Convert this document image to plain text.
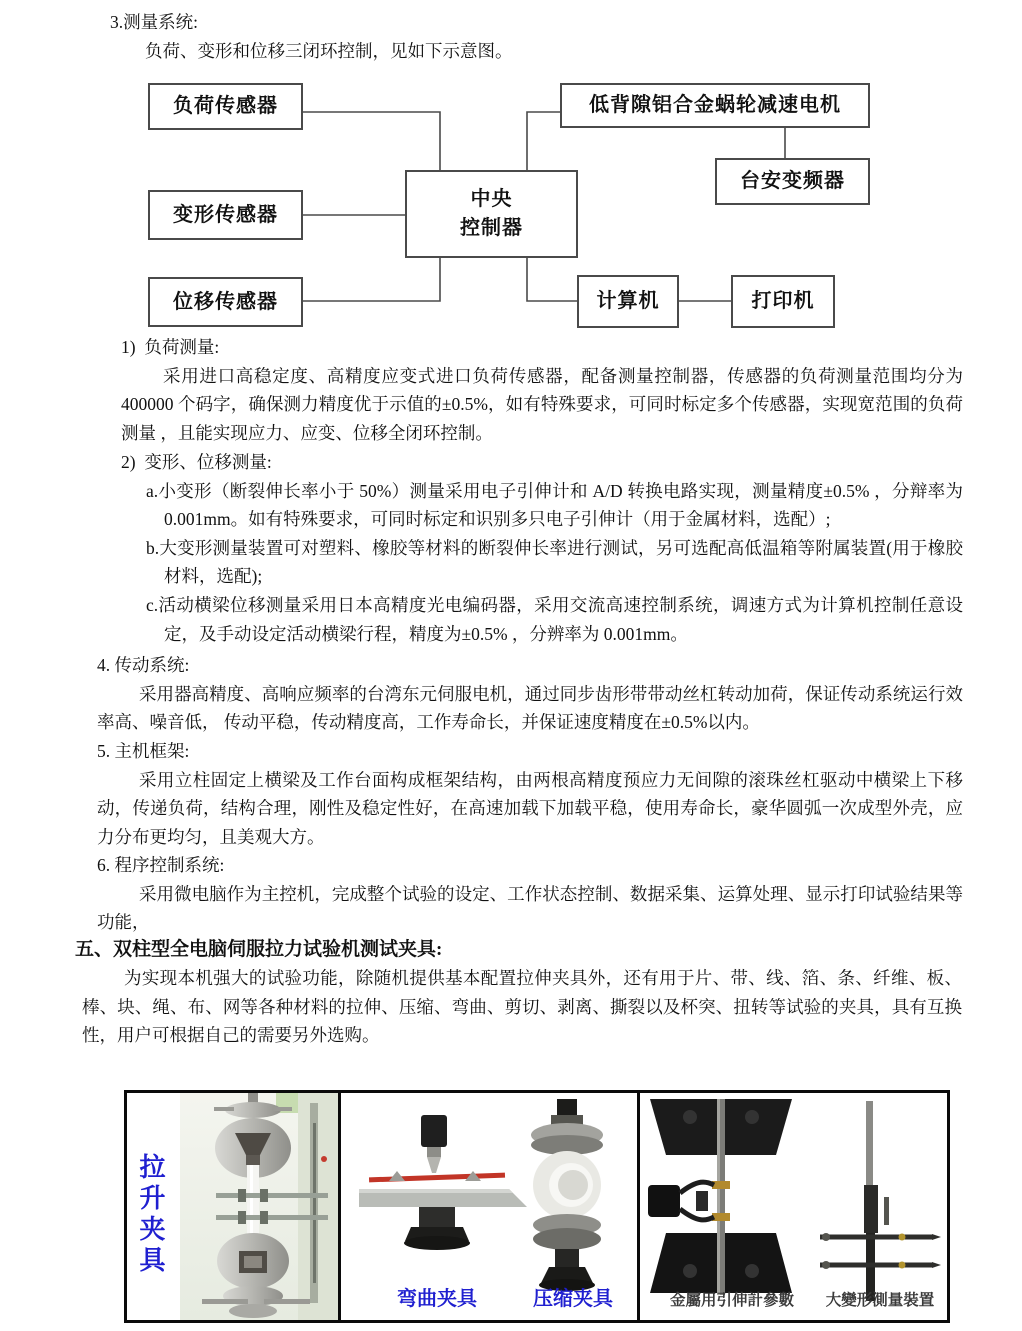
3.测量系统:
负荷、变形和位移三闭环控制，见如下示意图。
负荷传感器
变形传感器
位移传感器
中央
控制器
低背隙铝合金蜗轮减速电机
台安变频器
计算机	打印机
1) 负荷测量:

采用进口高稳定度、高精度应变式进口负荷传感器，配备测量控制器，传感器的负荷测量范围均分为 400000 个码字，确保测力精度优于示值的±0.5%，如有特殊要求，可同时标定多个传感器，实现宽范围的负荷测量 ，且能实现应力、应变、位移全闭环控制。

2) 变形、位移测量:

a.小变形（断裂伸长率小于 50%）测量采用电子引伸计和 A/D 转换电路实现，测量精度±0.5% ，分辩率为 0.001mm。如有特殊要求，可同时标定和识别多只电子引伸计（用于金属材料，选配）;

b.大变形测量装置可对塑料、橡胶等材料的断裂伸长率进行测试，另可选配高低温箱等附属装置(用于橡胶材料，选配);

c.活动横梁位移测量采用日本高精度光电编码器，采用交流高速控制系统，调速方式为计算机控制任意设定，及手动设定活动横梁行程，精度为±0.5% ，分辨率为 0.001mm。

4. 传动系统:

采用器高精度、高响应频率的台湾东元伺服电机，通过同步齿形带带动丝杠转动加荷，保证传动系统运行效率高、噪音低， 传动平稳，传动精度高，工作寿命长，并保证速度精度在±0.5%以内。

5. 主机框架:

采用立柱固定上横梁及工作台面构成框架结构，由两根高精度预应力无间隙的滚珠丝杠驱动中横梁上下移动，传递负荷，结构合理，刚性及稳定性好，在高速加载下加载平稳，使用寿命长，豪华圆弧一次成型外壳，应力分布更均匀，且美观大方。

6. 程序控制系统:

采用微电脑作为主控机，完成整个试验的设定、工作状态控制、数据采集、运算处理、显示打印试验结果等功能，

五、双柱型全电脑伺服拉力试验机测试夹具:

为实现本机强大的试验功能，除随机提供基本配置拉伸夹具外，还有用于片、带、线、箔、条、纤维、板、棒、块、绳、布、网等各种材料的拉伸、压缩、弯曲、剪切、剥离、撕裂以及杯突、扭转等试验的夹具，具有互换性，用户可根据自己的需要另外选购。

拉升夹具
弯曲夹具	压缩夹具	金屬用引伸計參數	大變形測量裝置
